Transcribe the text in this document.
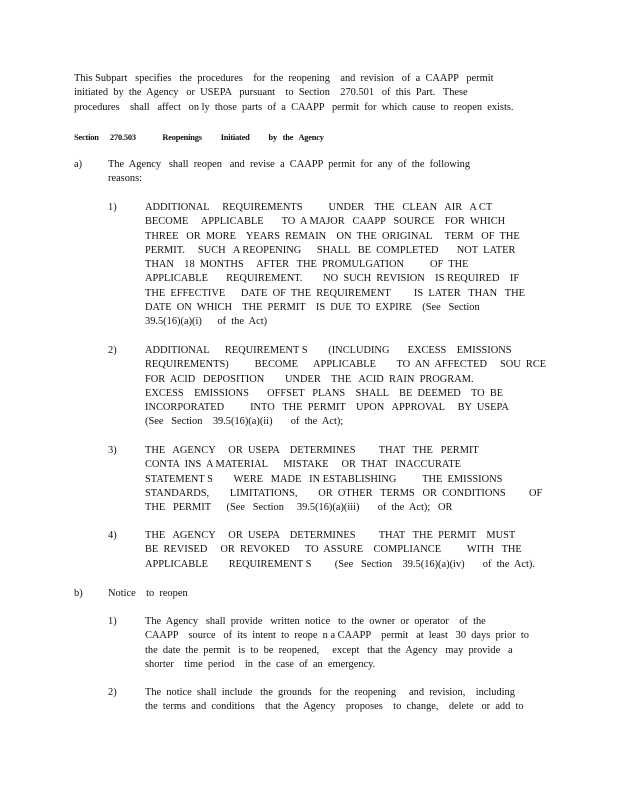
This Subpart   specifies   the  procedures    for  the  reopening    and  revision   of  a  CAAPP   permit
initiated  by  the  Agency   or  USEPA   pursuant    to  Section    270.501   of  this  Part.   These
procedures    shall   affect   on ly  those  parts  of  a  CAAPP   permit  for  which  cause  to  reopen  exists.
Section      270.503              Reopenings          Initiated          by   the   Agency
a) The  Agency   shall  reopen   and  revise  a  CAAPP  permit  for  any  of  the  following
reasons:
1)	ADDITIONAL     REQUIREMENTS          UNDER    THE   CLEAN   AIR   A CT
BECOME     APPLICABLE       TO  A MAJOR   CAAPP   SOURCE    FOR  WHICH
THREE   OR  MORE    YEARS  REMAIN    ON  THE  ORIGINAL     TERM   OF  THE
PERMIT.     SUCH   A REOPENING      SHALL   BE  COMPLETED       NOT  LATER
THAN    18  MONTHS     AFTER   THE  PROMULGATION          OF  THE
APPLICABLE       REQUIREMENT.        NO  SUCH  REVISION    IS REQUIRED    IF
THE  EFFECTIVE      DATE  OF  THE  REQUIREMENT         IS  LATER   THAN   THE
DATE  ON  WHICH    THE  PERMIT    IS  DUE  TO  EXPIRE    (See   Section
39.5(16)(a)(i)      of  the  Act)
2)	ADDITIONAL      REQUIREMENT S        (INCLUDING       EXCESS    EMISSIONS
REQUIREMENTS)          BECOME      APPLICABLE        TO  AN  AFFECTED     SOU  RCE
FOR  ACID   DEPOSITION        UNDER    THE   ACID  RAIN  PROGRAM.
EXCESS    EMISSIONS       OFFSET   PLANS    SHALL    BE  DEEMED    TO  BE
INCORPORATED          INTO   THE  PERMIT    UPON   APPROVAL     BY  USEPA
(See   Section    39.5(16)(a)(ii)       of  the  Act);
3)	THE   AGENCY     OR  USEPA    DETERMINES         THAT   THE   PERMIT
CONTA  INS  A MATERIAL      MISTAKE     OR  THAT   INACCURATE
STATEMENT S        WERE   MADE   IN ESTABLISHING          THE  EMISSIONS
STANDARDS,        LIMITATIONS,        OR  OTHER   TERMS   OR  CONDITIONS         OF
THE   PERMIT      (See   Section     39.5(16)(a)(iii)       of  the  Act);   OR
4)	THE   AGENCY     OR  USEPA    DETERMINES         THAT   THE  PERMIT    MUST
BE  REVISED     OR  REVOKED      TO  ASSURE    COMPLIANCE          WITH   THE
APPLICABLE        REQUIREMENT S         (See   Section    39.5(16)(a)(iv)       of  the  Act).
b) Notice    to  reopen
1)	The  Agency   shall  provide   written  notice   to  the  owner  or  operator    of  the
CAAPP    source   of  its  intent  to  reope  n a CAAPP    permit   at  least   30  days  prior  to
the  date  the  permit   is  to  be  reopened,     except   that  the  Agency   may  provide   a
shorter    time  period    in  the  case  of  an  emergency.
2)	The  notice  shall  include   the  grounds   for  the  reopening     and  revision,    including
the  terms  and  conditions    that  the  Agency    proposes    to  change,    delete   or  add  to
